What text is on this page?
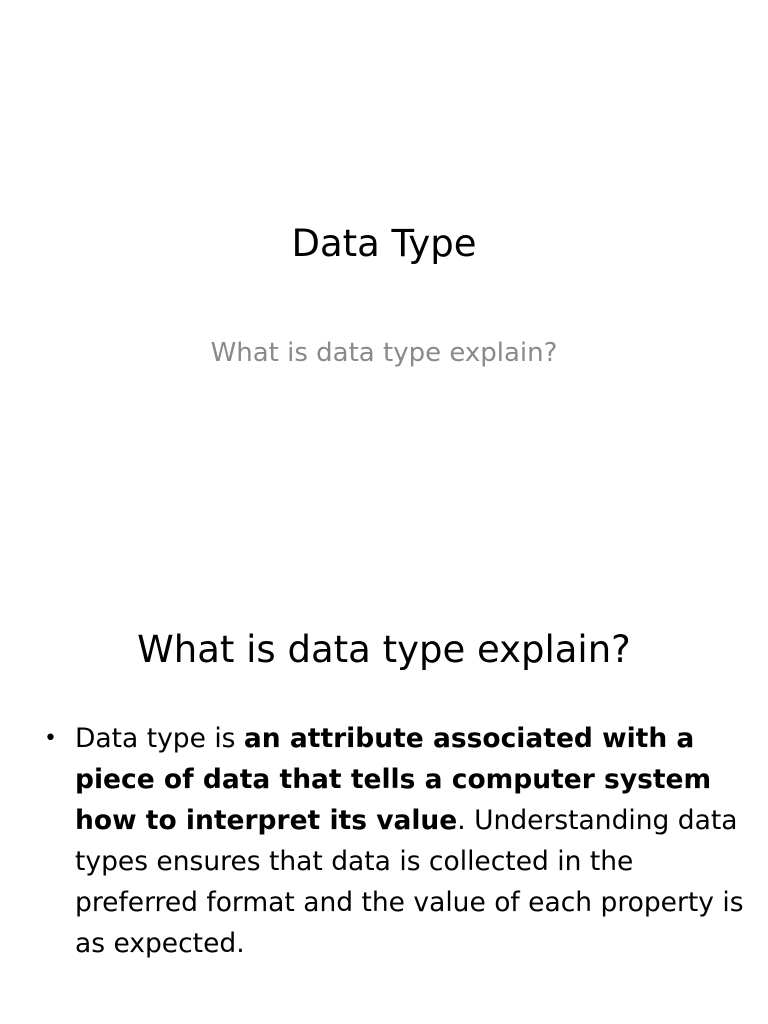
Data Type
What is data type explain?
What is data type explain?
• Data type is an attribute associated with a piece of data that tells a computer system how to interpret its value. Understanding data types ensures that data is collected in the preferred format and the value of each property is as expected.
